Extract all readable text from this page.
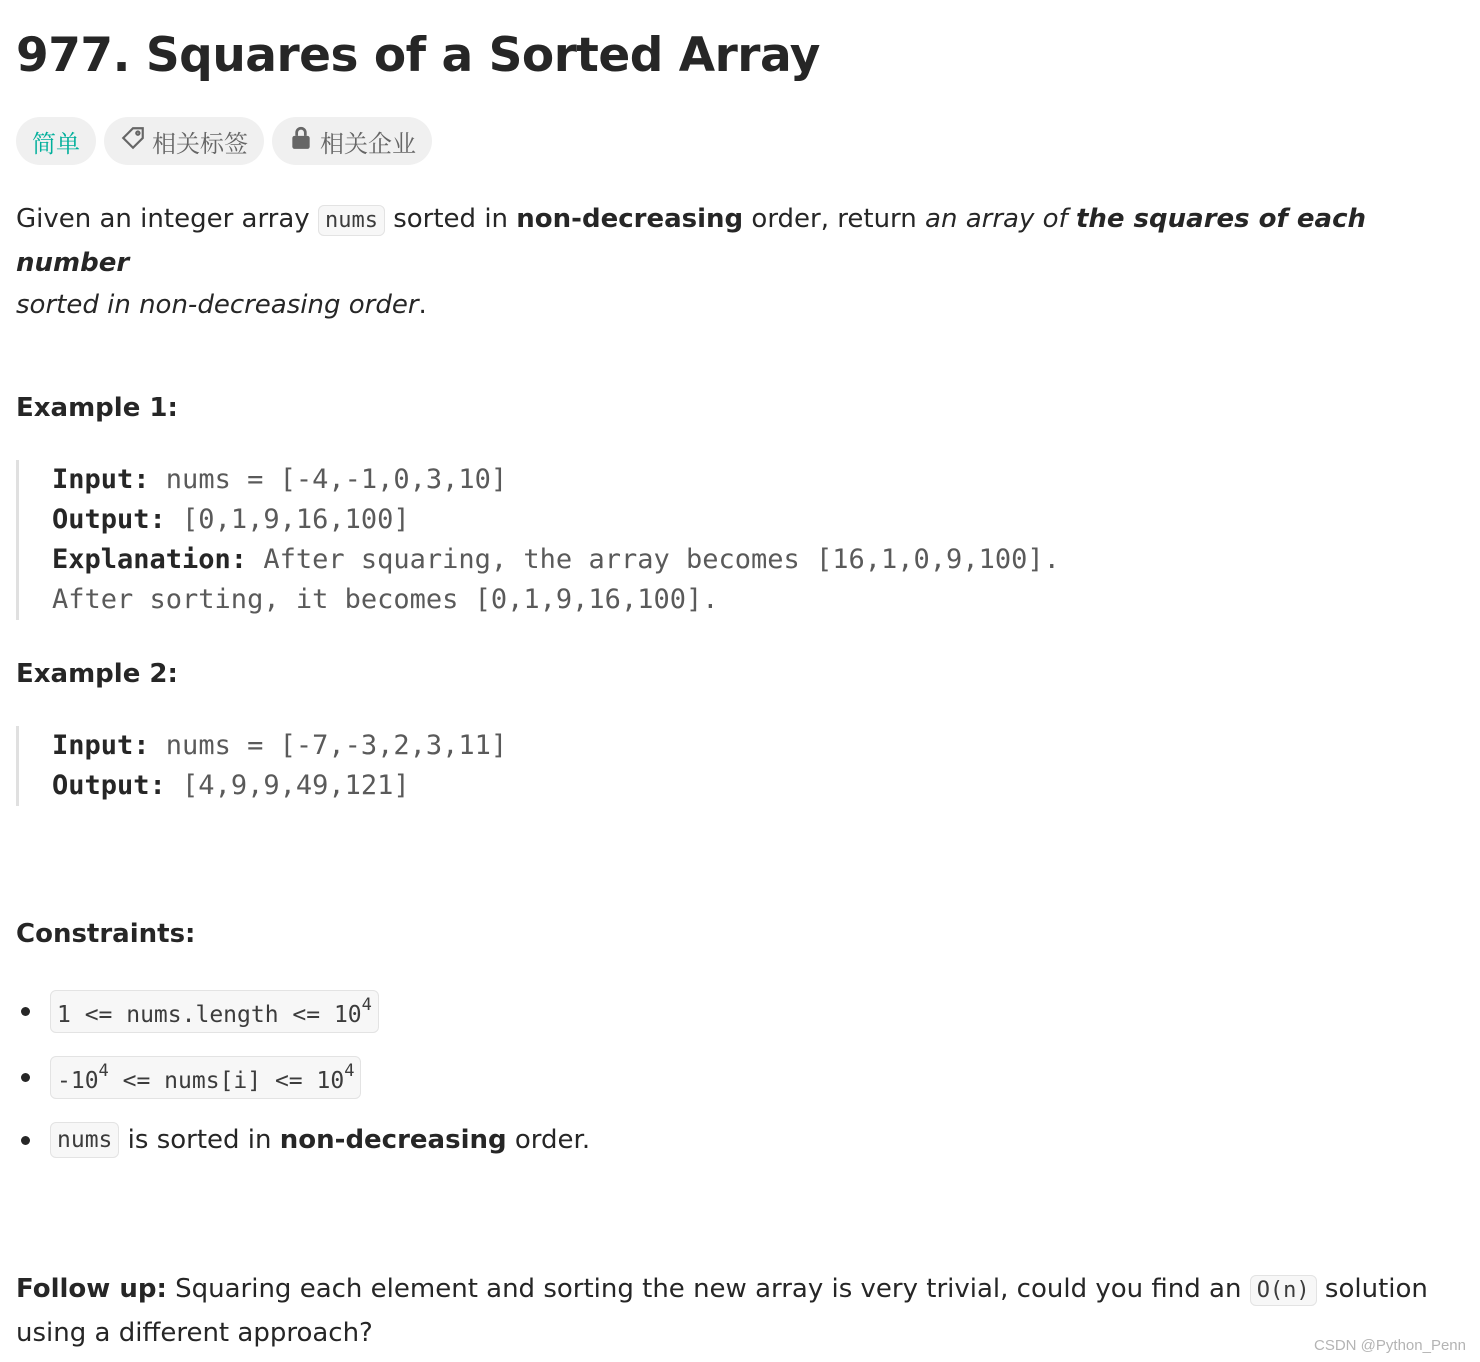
977. Squares of a Sorted Array
简单	相关标签	相关企业
Given an integer array nums sorted in non-decreasing order, return an array of the squares of each number
sorted in non-decreasing order.
Example 1:
Input: nums = [-4,-1,0,3,10]
Output: [0,1,9,16,100]
Explanation: After squaring, the array becomes [16,1,0,9,100].
After sorting, it becomes [0,1,9,16,100].
Example 2:
Input: nums = [-7,-3,2,3,11]
Output: [4,9,9,49,121]
Constraints:
1 <= nums.length <= $10^4$
$-10^4$ <= nums[i] <= $10^4$
nums is sorted in non-decreasing order.
Follow up: Squaring each element and sorting the new array is very trivial, could you find an O(n) solution using a different approach?	CSDN @Python_Penn
